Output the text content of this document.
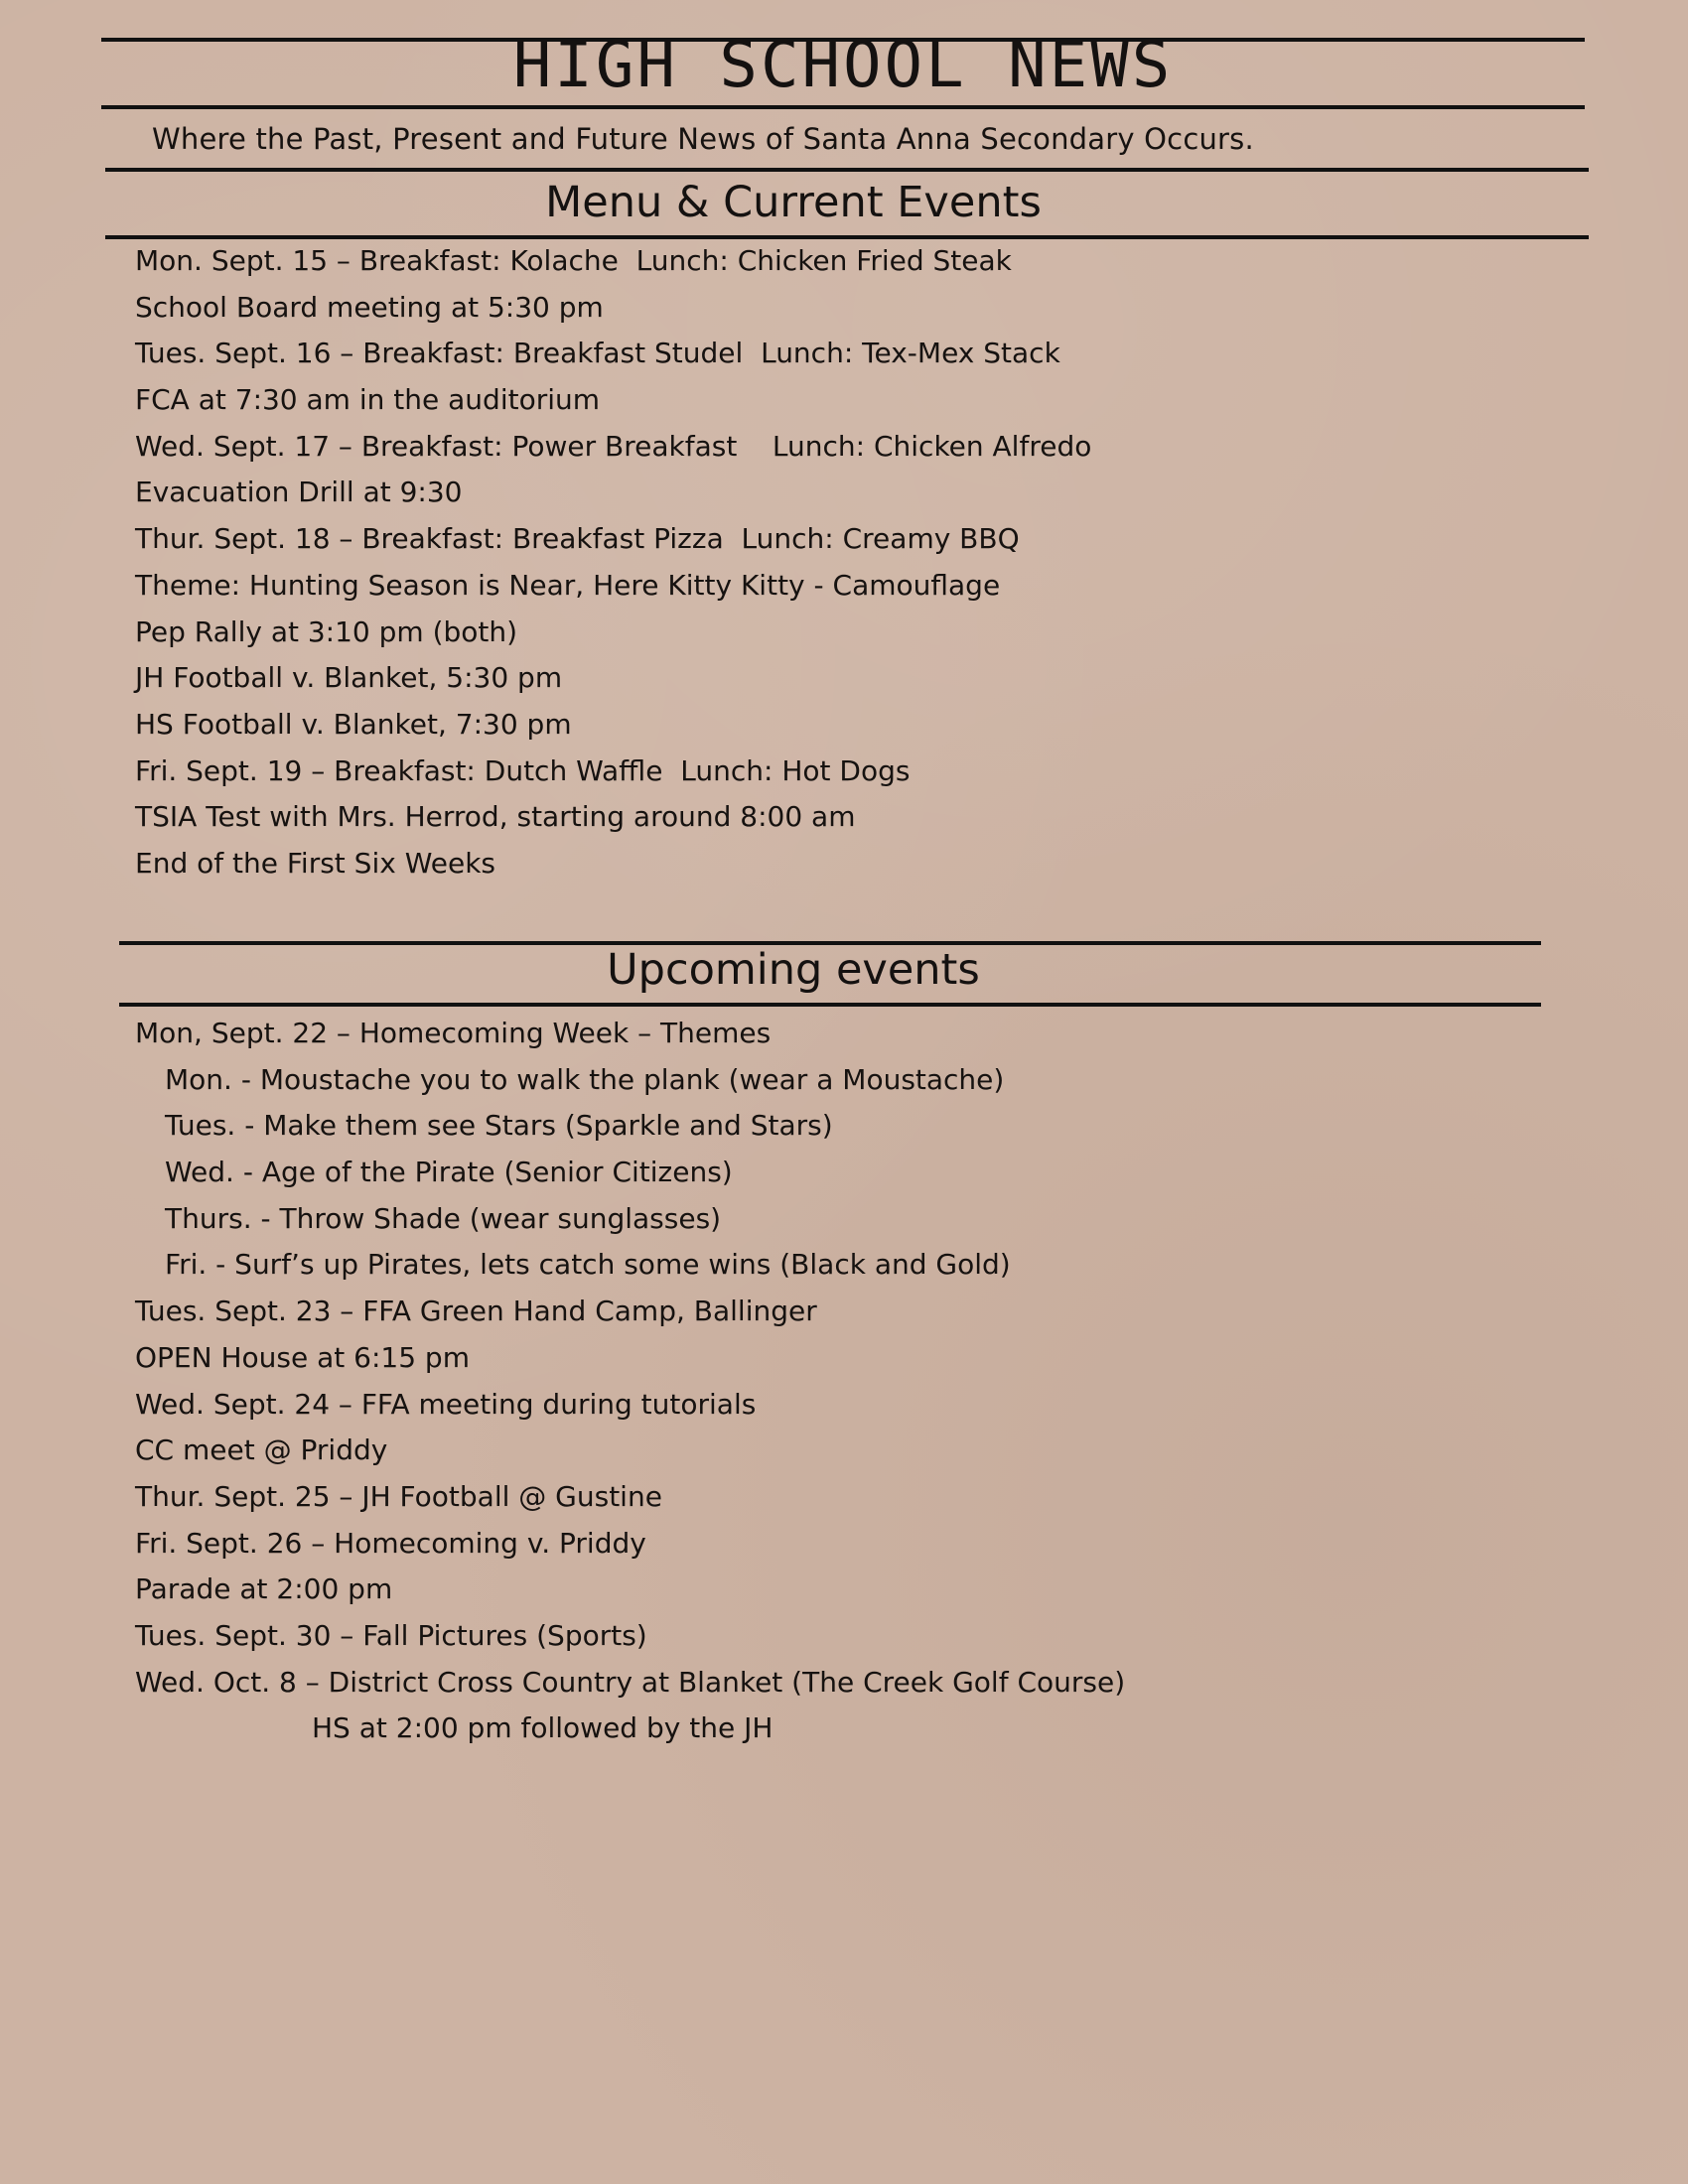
HIGH SCHOOL NEWS
Where the Past, Present and Future News of Santa Anna Secondary Occurs.
Menu & Current Events
Mon. Sept. 15 – Breakfast: Kolache  Lunch: Chicken Fried Steak
School Board meeting at 5:30 pm
Tues. Sept. 16 – Breakfast: Breakfast Studel  Lunch: Tex-Mex Stack
FCA at 7:30 am in the auditorium
Wed. Sept. 17 – Breakfast: Power Breakfast    Lunch: Chicken Alfredo
Evacuation Drill at 9:30
Thur. Sept. 18 – Breakfast: Breakfast Pizza  Lunch: Creamy BBQ
Theme: Hunting Season is Near, Here Kitty Kitty - Camouflage
Pep Rally at 3:10 pm (both)
JH Football v. Blanket, 5:30 pm
HS Football v. Blanket, 7:30 pm
Fri. Sept. 19 – Breakfast: Dutch Waffle  Lunch: Hot Dogs
TSIA Test with Mrs. Herrod, starting around 8:00 am
End of the First Six Weeks
Upcoming events
Mon, Sept. 22 – Homecoming Week – Themes
Mon. - Moustache you to walk the plank (wear a Moustache)
Tues. - Make them see Stars (Sparkle and Stars)
Wed. - Age of the Pirate (Senior Citizens)
Thurs. - Throw Shade (wear sunglasses)
Fri. - Surf’s up Pirates, lets catch some wins (Black and Gold)
Tues. Sept. 23 – FFA Green Hand Camp, Ballinger
OPEN House at 6:15 pm
Wed. Sept. 24 – FFA meeting during tutorials
CC meet @ Priddy
Thur. Sept. 25 – JH Football @ Gustine
Fri. Sept. 26 – Homecoming v. Priddy
Parade at 2:00 pm
Tues. Sept. 30 – Fall Pictures (Sports)
Wed. Oct. 8 – District Cross Country at Blanket (The Creek Golf Course)
HS at 2:00 pm followed by the JH
